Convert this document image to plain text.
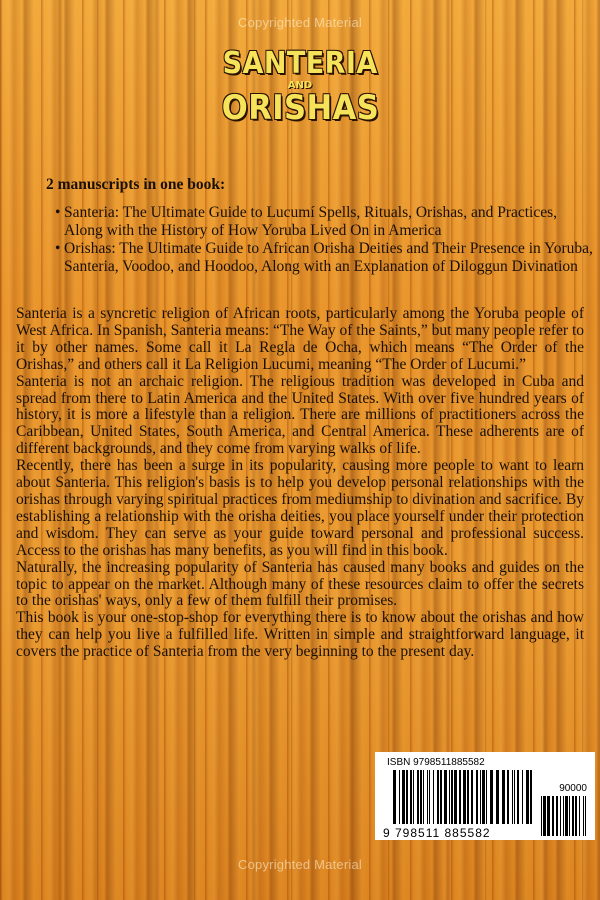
Copyrighted Material
SANTERIA
AND
ORISHAS
2 manuscripts in one book:
• Santeria: The Ultimate Guide to Lucumí Spells, Rituals, Orishas, and Practices, Along with the History of How Yoruba Lived On in America
• Orishas: The Ultimate Guide to African Orisha Deities and Their Presence in Yoruba, Santeria, Voodoo, and Hoodoo, Along with an Explanation of Diloggun Divination

Santeria is a syncretic religion of African roots, particularly among the Yoruba people of West Africa. In Spanish, Santeria means: “The Way of the Saints,” but many people refer to it by other names. Some call it La Regla de Ocha, which means “The Order of the Orishas,” and others call it La Religion Lucumi, meaning “The Order of Lucumi.”

Santeria is not an archaic religion. The religious tradition was developed in Cuba and spread from there to Latin America and the United States. With over five hundred years of history, it is more a lifestyle than a religion. There are millions of practitioners across the Caribbean, United States, South America, and Central America. These adherents are of different backgrounds, and they come from varying walks of life.

Recently, there has been a surge in its popularity, causing more people to want to learn about Santeria. This religion's basis is to help you develop personal relationships with the orishas through varying spiritual practices from mediumship to divination and sacrifice. By establishing a relationship with the orisha deities, you place yourself under their protection and wisdom. They can serve as your guide toward personal and professional success. Access to the orishas has many benefits, as you will find in this book.

Naturally, the increasing popularity of Santeria has caused many books and guides on the topic to appear on the market. Although many of these resources claim to offer the secrets to the orishas' ways, only a few of them fulfill their promises.

This book is your one-stop-shop for everything there is to know about the orishas and how they can help you live a fulfilled life. Written in simple and straightforward language, it covers the practice of Santeria from the very beginning to the present day.

ISBN 9798511885582
90000
9 798511 885582
Copyrighted Material
